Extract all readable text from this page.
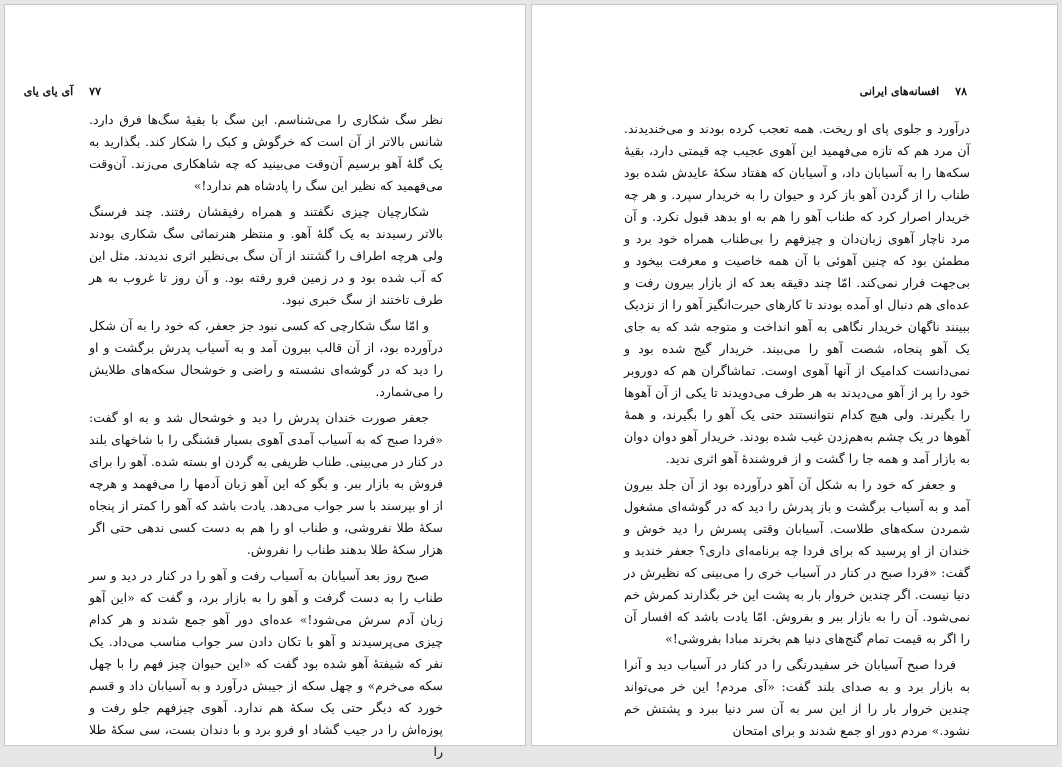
۷۷
آی یای یای

نظر سگ شکاری را می‌شناسم. این سگ با بقیهٔ سگ‌ها فرق دارد. شانس بالاتر از آن است که خرگوش و کبک را شکار کند. بگذارید به یک گلهٔ آهو برسیم آن‌وقت می‌بینید که چه شاهکاری می‌زند. آن‌وقت می‌فهمید که نظیر این سگ را پادشاه هم ندارد!»

شکارچیان چیزی نگفتند و همراه رفیقشان رفتند. چند فرسنگ بالاتر رسیدند به یک گلهٔ آهو. و منتظر هنرنمائی سگ شکاری بودند ولی هرچه اطراف را گشتند از آن سگ بی‌نظیر اثری ندیدند. مثل این که آب شده بود و در زمین فرو رفته بود. و آن روز تا غروب به هر طرف تاختند از سگ خبری نبود.

و امّا سگ شکارچی که کسی نبود جز جعفر، که خود را به آن شکل در‌آورده بود، از آن قالب بیرون آمد و به آسیاب پدرش برگشت و او را دید که در گوشه‌ای نشسته و راضی و خوشحال سکه‌های طلایش را می‌شمارد.

جعفر صورت خندان پدرش را دید و خوشحال شد و به او گفت: «فردا صبح که به آسیاب آمدی آهوی بسیار قشنگی را با شاخهای بلند در کنار در می‌بینی. طناب ظریفی به گردن او بسته شده. آهو را برای فروش به بازار ببر. و بگو که این آهو زبان آدمها را می‌فهمد و هرچه از او بپرسند با سر جواب می‌دهد. یادت باشد که آهو را کمتر از پنجاه سکهٔ طلا نفروشی، و طناب او را هم به دست کسی ندهی حتی اگر هزار سکهٔ طلا بدهند طناب را نفروش.

صبح روز بعد آسیابان به آسیاب رفت و آهو را در کنار در دید و سر طناب را به دست گرفت و آهو را به بازار برد، و گفت که «این آهو زبان آدم سرش می‌شود!» عده‌ای دور آهو جمع شدند و هر کدام چیزی می‌پرسیدند و آهو با تکان دادن سر جواب مناسب می‌داد. یک نفر که شیفتهٔ آهو شده بود گفت که «این حیوان چیز فهم را با چهل سکه می‌خرم» و چهل سکه از جیبش درآورد و به آسیابان داد و قسم خورد که دیگر حتی یک سکهٔ هم ندارد. آهوی چیزفهم جلو رفت و پوزه‌اش را در جیب گشاد او فرو برد و با دندان بست، سی سکهٔ طلا را

۷۸
افسانه‌های ایرانی

درآورد و جلوی پای او ریخت. همه تعجب کرده بودند و می‌خندیدند. آن مرد هم که تازه می‌فهمید این آهوی عجیب چه قیمتی دارد، بقیهٔ سکه‌ها را به آسیابان داد، و آسیابان که هفتاد سکهٔ عایدش شده بود طناب را از گردن آهو باز کرد و حیوان را به خریدار سپرد. و هر چه خریدار اصرار کرد که طناب آهو را هم به او بدهد قبول نکرد. و آن مرد ناچار آهوی زبان‌دان و چیزفهم را بی‌طناب همراه خود برد و مطمئن بود که چنین آهوئی با آن همه خاصیت و معرفت بیخود و بی‌جهت فرار نمی‌کند. امّا چند دقیقه بعد که از بازار بیرون رفت و عده‌ای هم دنبال او آمده بودند تا کارهای حیرت‌انگیز آهو را از نزدیک ببینند ناگهان خریدار نگاهی به آهو انداخت و متوجه شد که به جای یک آهو پنجاه، شصت آهو را می‌بیند. خریدار گیج شده بود و نمی‌دانست کدامیک از آنها آهوی اوست. تماشاگران هم که دوروبر خود را پر از آهو می‌دیدند به هر طرف می‌دویدند تا یکی از آن آهوها را بگیرند. ولی هیچ کدام نتوانستند حتی یک آهو را بگیرند، و همهٔ آهوها در یک چشم به‌هم‌زدن غیب شده بودند. خریدار آهو دوان دوان به بازار آمد و همه جا را گشت و از فروشندهٔ آهو اثری ندید.

و جعفر که خود را به شکل آن آهو درآورده بود از آن جلد بیرون آمد و به آسیاب برگشت و باز پدرش را دید که در گوشه‌ای مشغول شمردن سکه‌های طلاست. آسیابان وقتی پسرش را دید خوش و خندان از او پرسید که برای فردا چه برنامه‌ای داری؟ جعفر خندید و گفت: «فردا صبح در کنار در آسیاب خری را می‌بینی که نظیرش در دنیا نیست. اگر چندین خروار بار به پشت این خر بگذارند کمرش خم نمی‌شود. آن را به بازار ببر و بفروش. امّا یادت باشد که افسار آن را اگر به قیمت تمام گنج‌های دنیا هم بخرند مبادا بفروشی!»

فردا صبح آسیابان خر سفیدرنگی را در کنار در آسیاب دید و آنرا به بازار برد و به صدای بلند گفت: «آی مردم! این خر می‌تواند چندین خروار بار را از این سر به آن سر دنیا ببرد و پشتش خم نشود.» مردم دور او جمع شدند و برای امتحان
